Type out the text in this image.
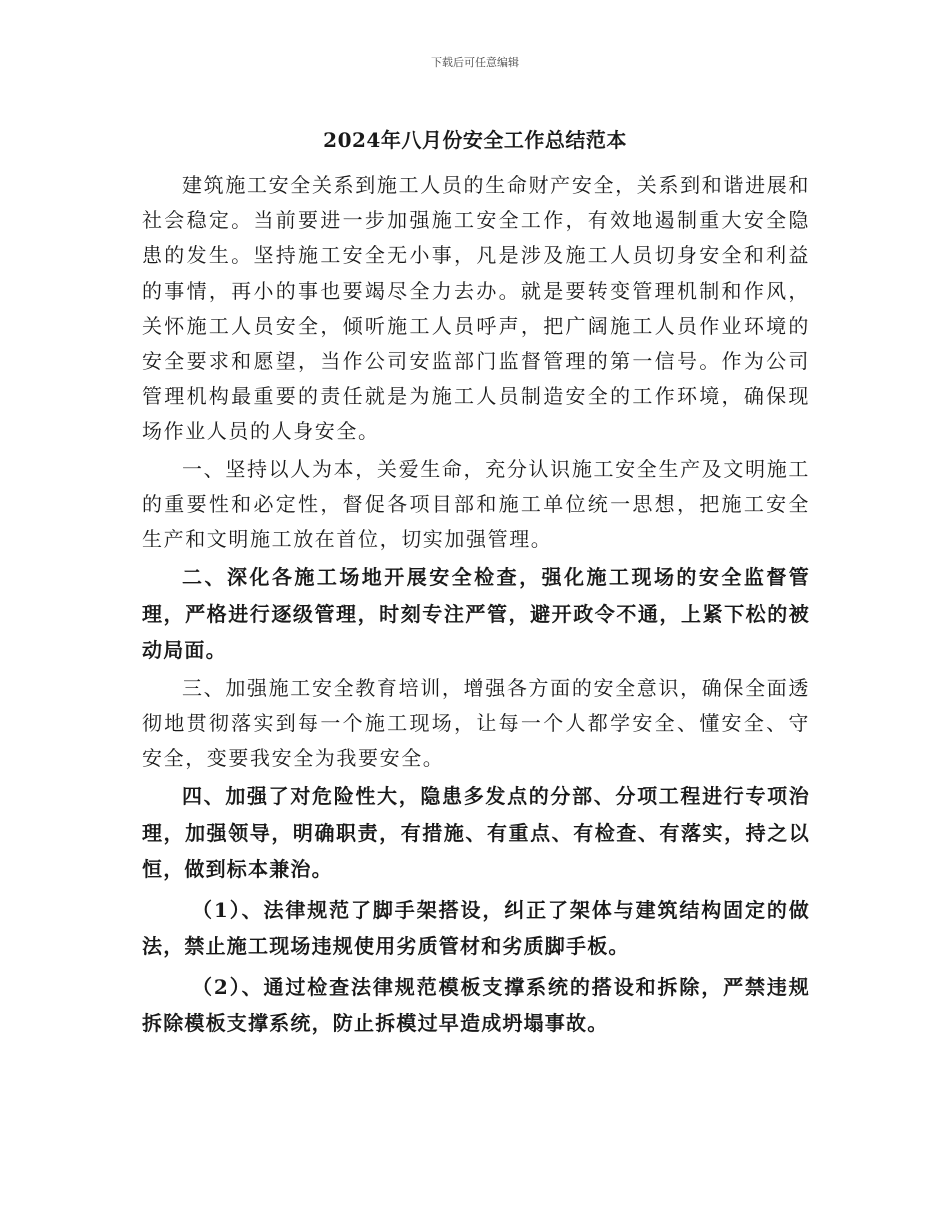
下载后可任意编辑
2024年八月份安全工作总结范本

建筑施工安全关系到施工人员的生命财产安全，关系到和谐进展和社会稳定。当前要进一步加强施工安全工作，有效地遏制重大安全隐患的发生。坚持施工安全无小事，凡是涉及施工人员切身安全和利益的事情，再小的事也要竭尽全力去办。就是要转变管理机制和作风，关怀施工人员安全，倾听施工人员呼声，把广阔施工人员作业环境的安全要求和愿望，当作公司安监部门监督管理的第一信号。作为公司管理机构最重要的责任就是为施工人员制造安全的工作环境，确保现场作业人员的人身安全。

一、坚持以人为本，关爱生命，充分认识施工安全生产及文明施工的重要性和必定性，督促各项目部和施工单位统一思想，把施工安全生产和文明施工放在首位，切实加强管理。

二、深化各施工场地开展安全检查，强化施工现场的安全监督管理，严格进行逐级管理，时刻专注严管，避开政令不通，上紧下松的被动局面。

三、加强施工安全教育培训，增强各方面的安全意识，确保全面透彻地贯彻落实到每一个施工现场，让每一个人都学安全、懂安全、守安全，变要我安全为我要安全。

四、加强了对危险性大，隐患多发点的分部、分项工程进行专项治理，加强领导，明确职责，有措施、有重点、有检查、有落实，持之以恒，做到标本兼治。

（1）、法律规范了脚手架搭设，纠正了架体与建筑结构固定的做法，禁止施工现场违规使用劣质管材和劣质脚手板。

（2）、通过检查法律规范模板支撑系统的搭设和拆除，严禁违规拆除模板支撑系统，防止拆模过早造成坍塌事故。
